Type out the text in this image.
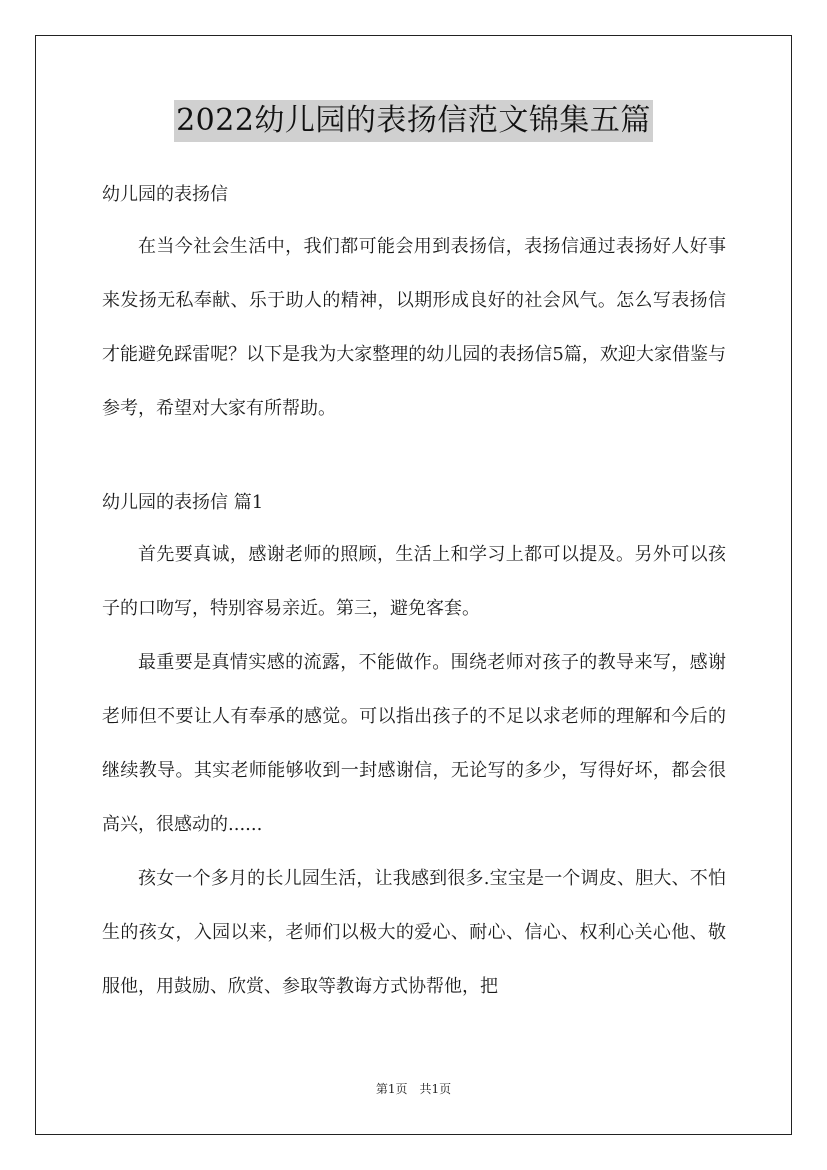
2022幼儿园的表扬信范文锦集五篇

幼儿园的表扬信

在当今社会生活中，我们都可能会用到表扬信，表扬信通过表扬好人好事来发扬无私奉献、乐于助人的精神，以期形成良好的社会风气。怎么写表扬信才能避免踩雷呢？以下是我为大家整理的幼儿园的表扬信5篇，欢迎大家借鉴与参考，希望对大家有所帮助。

幼儿园的表扬信 篇1

首先要真诚，感谢老师的照顾，生活上和学习上都可以提及。另外可以孩子的口吻写，特别容易亲近。第三，避免客套。

最重要是真情实感的流露，不能做作。围绕老师对孩子的教导来写，感谢老师但不要让人有奉承的感觉。可以指出孩子的不足以求老师的理解和今后的继续教导。其实老师能够收到一封感谢信，无论写的多少，写得好坏，都会很高兴，很感动的......

孩女一个多月的长儿园生活，让我感到很多.宝宝是一个调皮、胆大、不怕生的孩女，入园以来，老师们以极大的爱心、耐心、信心、权利心关心他、敬服他，用鼓励、欣赏、参取等教诲方式协帮他，把

第1页　共1页
